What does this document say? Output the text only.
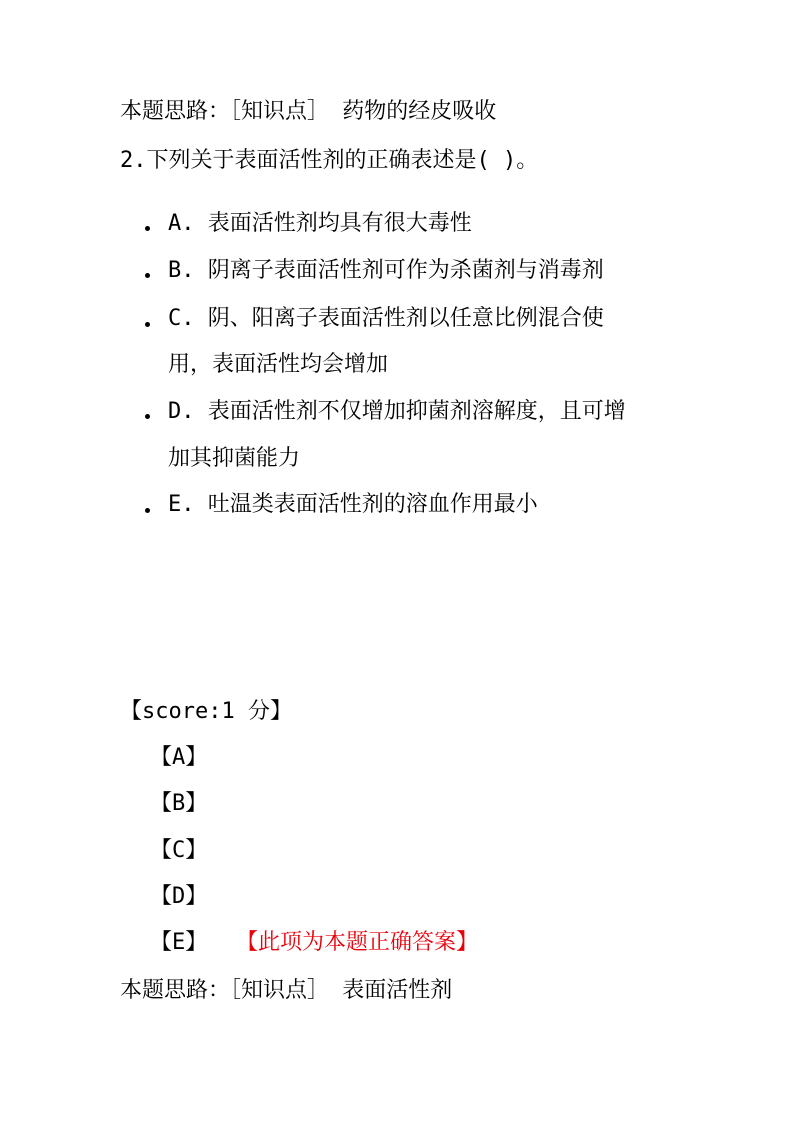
本题思路：［知识点］ 药物的经皮吸收
2.下列关于表面活性剂的正确表述是( )。
A. 表面活性剂均具有很大毒性
B. 阴离子表面活性剂可作为杀菌剂与消毒剂
C. 阴、阳离子表面活性剂以任意比例混合使
用，表面活性均会增加
D. 表面活性剂不仅增加抑菌剂溶解度，且可增
加其抑菌能力
E. 吐温类表面活性剂的溶血作用最小
【score:1 分】
【A】
【B】
【C】
【D】
【E】 【此项为本题正确答案】
本题思路：［知识点］ 表面活性剂
